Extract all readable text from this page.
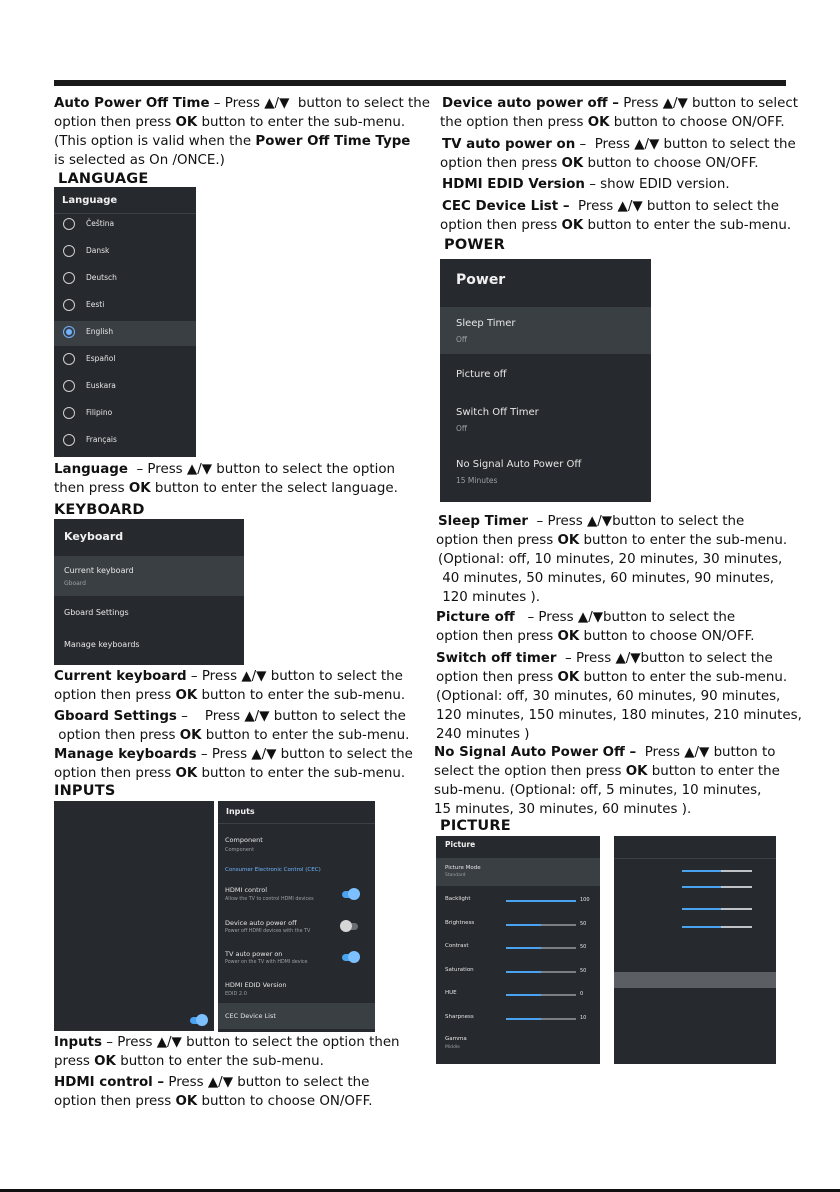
Auto Power Off Time – Press ▲/▼  button to select the
option then press OK button to enter the sub-menu.
(This option is valid when the Power Off Time Type
is selected as On /ONCE.)
LANGUAGE
Language
Čeština
Dansk
Deutsch
Eesti
English
Español
Euskara
Filipino
Français
Language  – Press ▲/▼ button to select the option
then press OK button to enter the select language.
KEYBOARD
Keyboard
Current keyboard
Gboard
Gboard Settings
Manage keyboards
Current keyboard – Press ▲/▼ button to select the
option then press OK button to enter the sub-menu.
Gboard Settings –    Press ▲/▼ button to select the
option then press OK button to enter the sub-menu.
Manage keyboards – Press ▲/▼ button to select the
option then press OK button to enter the sub-menu.
INPUTS
Inputs
Component
Component
Consumer Electronic Control (CEC)
HDMI control
Allow the TV to control HDMI devices
Device auto power off
Power off HDMI devices with the TV
TV auto power on
Power on the TV with HDMI device
HDMI EDID Version
EDID 2.0
CEC Device List
Inputs – Press ▲/▼ button to select the option then
press OK button to enter the sub-menu.
HDMI control – Press ▲/▼ button to select the
option then press OK button to choose ON/OFF.
Device auto power off – Press ▲/▼ button to select
the option then press OK button to choose ON/OFF.
TV auto power on –  Press ▲/▼ button to select the
option then press OK button to choose ON/OFF.
HDMI EDID Version – show EDID version.
CEC Device List –  Press ▲/▼ button to select the
option then press OK button to enter the sub-menu.
POWER
Power
Sleep Timer
Off
Picture off
Switch Off Timer
Off
No Signal Auto Power Off
15 Minutes
Sleep Timer  – Press ▲/▼button to select the
option then press OK button to enter the sub-menu.
(Optional: off, 10 minutes, 20 minutes, 30 minutes,
40 minutes, 50 minutes, 60 minutes, 90 minutes,
120 minutes ).
Picture off   – Press ▲/▼button to select the
option then press OK button to choose ON/OFF.
Switch off timer  – Press ▲/▼button to select the
option then press OK button to enter the sub-menu.
(Optional: off, 30 minutes, 60 minutes, 90 minutes,
120 minutes, 150 minutes, 180 minutes, 210 minutes,
240 minutes )
No Signal Auto Power Off –  Press ▲/▼ button to
select the option then press OK button to enter the
sub-menu. (Optional: off, 5 minutes, 10 minutes,
15 minutes, 30 minutes, 60 minutes ).
PICTURE
Picture
Picture Mode
Standard
Backlight	100
Brightness	50
Contrast	50
Saturation	50
HUE	0
Sharpness	10
Gamma
Middle
